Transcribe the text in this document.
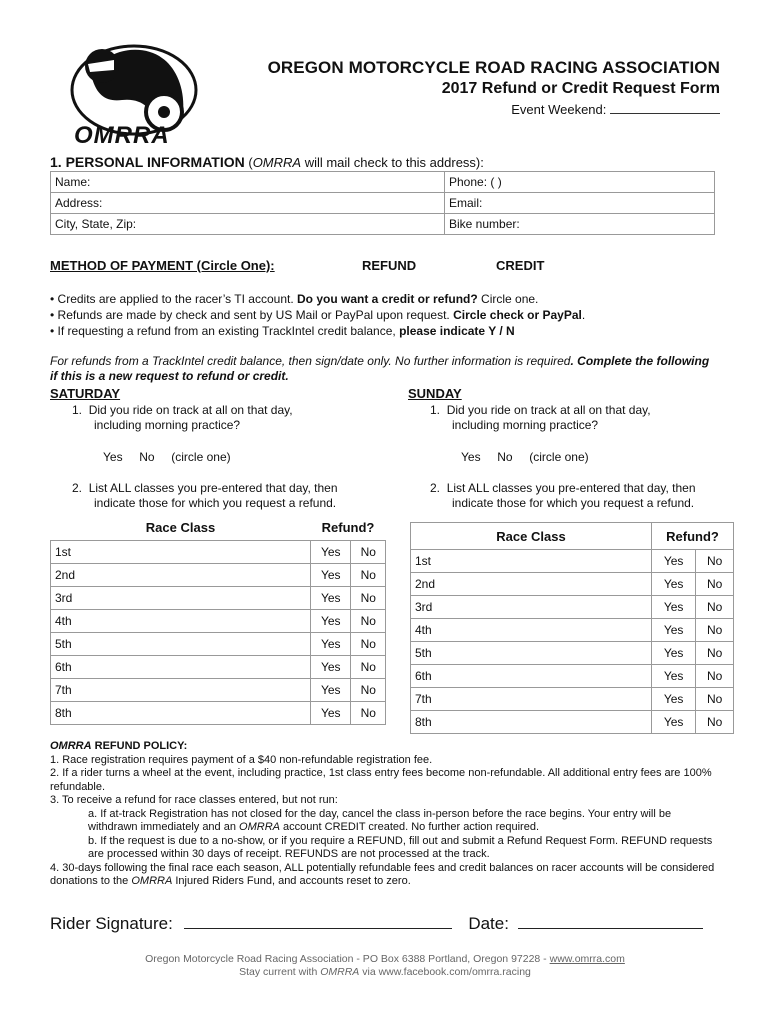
OMRRA
OREGON MOTORCYCLE ROAD RACING ASSOCIATION
2017 Refund or Credit Request Form
Event Weekend:
1. PERSONAL INFORMATION (OMRRA will mail check to this address):
Name:	Phone: ( )
Address:	Email:
City, State, Zip:	Bike number:
METHOD OF PAYMENT (Circle One):	REFUND	CREDIT
• Credits are applied to the racer’s TI account. Do you want a credit or refund? Circle one.
• Refunds are made by check and sent by US Mail or PayPal upon request. Circle check or PayPal.
• If requesting a refund from an existing TrackIntel credit balance, please indicate Y / N
For refunds from a TrackIntel credit balance, then sign/date only. No further information is required. Complete the following if this is a new request to refund or credit.
SATURDAY
1. Did you ride on track at all on that day,
including morning practice?
Yes No (circle one)
2. List ALL classes you pre-entered that day, then
indicate those for which you request a refund.
Race Class	Refund?	
1st	Yes	No
2nd	Yes	No
3rd	Yes	No
4th	Yes	No
5th	Yes	No
6th	Yes	No
7th	Yes	No
8th	Yes	No
SUNDAY
1. Did you ride on track at all on that day,
including morning practice?
Yes No (circle one)
2. List ALL classes you pre-entered that day, then
indicate those for which you request a refund.
Race Class	Refund?	
1st	Yes	No
2nd	Yes	No
3rd	Yes	No
4th	Yes	No
5th	Yes	No
6th	Yes	No
7th	Yes	No
8th	Yes	No
OMRRA REFUND POLICY:
1. Race registration requires payment of a $40 non-refundable registration fee.
2. If a rider turns a wheel at the event, including practice, 1st class entry fees become non-refundable. All additional entry fees are 100% refundable.
3. To receive a refund for race classes entered, but not run:
a. If at-track Registration has not closed for the day, cancel the class in-person before the race begins. Your entry will be withdrawn immediately and an OMRRA account CREDIT created. No further action required.
b. If the request is due to a no-show, or if you require a REFUND, fill out and submit a Refund Request Form. REFUND requests are processed within 30 days of receipt. REFUNDS are not processed at the track.
4. 30-days following the final race each season, ALL potentially refundable fees and credit balances on racer accounts will be considered donations to the OMRRA Injured Riders Fund, and accounts reset to zero.
Rider Signature:	Date:
Oregon Motorcycle Road Racing Association - PO Box 6388 Portland, Oregon 97228 - www.omrra.com
Stay current with OMRRA via www.facebook.com/omrra.racing
